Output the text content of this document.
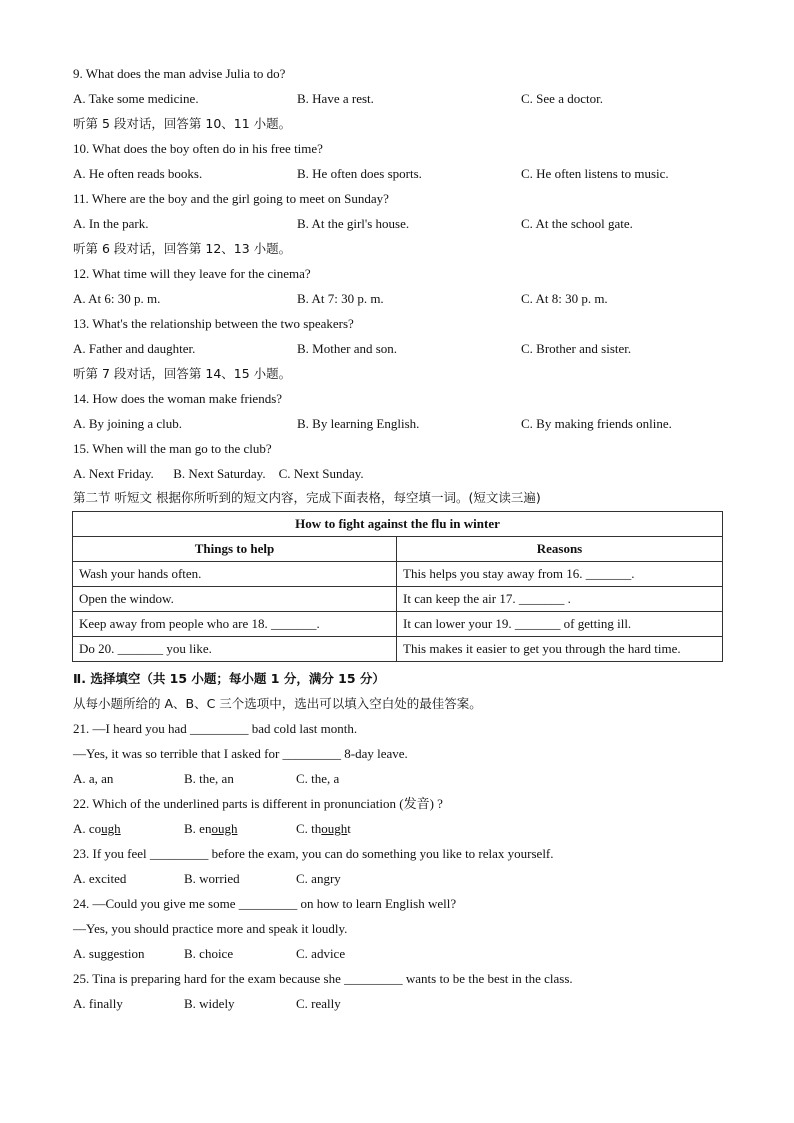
9. What does the man advise Julia to do?
A. Take some medicine.	B. Have a rest.	C. See a doctor.
听第 5 段对话，回答第 10、11 小题。
10. What does the boy often do in his free time?
A. He often reads books.	B. He often does sports.	C. He often listens to music.
11. Where are the boy and the girl going to meet on Sunday?
A. In the park.	B. At the girl's house.	C. At the school gate.
听第 6 段对话，回答第 12、13 小题。
12. What time will they leave for the cinema?
A. At 6: 30 p. m.	B. At 7: 30 p. m.	C. At 8: 30 p. m.
13. What's the relationship between the two speakers?
A. Father and daughter.	B. Mother and son.	C. Brother and sister.
听第 7 段对话，回答第 14、15 小题。
14. How does the woman make friends?
A. By joining a club.	B. By learning English.	C. By making friends online.
15. When will the man go to the club?
A. Next Friday.      B. Next Saturday.    C. Next Sunday.
第二节 听短文 根据你所听到的短文内容，完成下面表格，每空填一词。(短文读三遍)
How to fight against the flu in winter	
Things to help	Reasons
Wash your hands often.	This helps you stay away from 16. _______.
Open the window.	It can keep the air 17. _______ .
Keep away from people who are 18. _______.	It can lower your 19. _______ of getting ill.
Do 20. _______ you like.	This makes it easier to get you through the hard time.
Ⅱ. 选择填空（共 15 小题；每小题 1 分，满分 15 分）
从每小题所给的 A、B、C 三个选项中，选出可以填入空白处的最佳答案。
21. —I heard you had _________ bad cold last month.
—Yes, it was so terrible that I asked for _________ 8-day leave.
A. a, an	B. the, an	C. the, a
22. Which of the underlined parts is different in pronunciation (发音) ?
A. cough	B. enough	C. thought
23. If you feel _________ before the exam, you can do something you like to relax yourself.
A. excited	B. worried	C. angry
24. —Could you give me some _________ on how to learn English well?
—Yes, you should practice more and speak it loudly.
A. suggestion	B. choice	C. advice
25. Tina is preparing hard for the exam because she _________ wants to be the best in the class.
A. finally	B. widely	C. really
